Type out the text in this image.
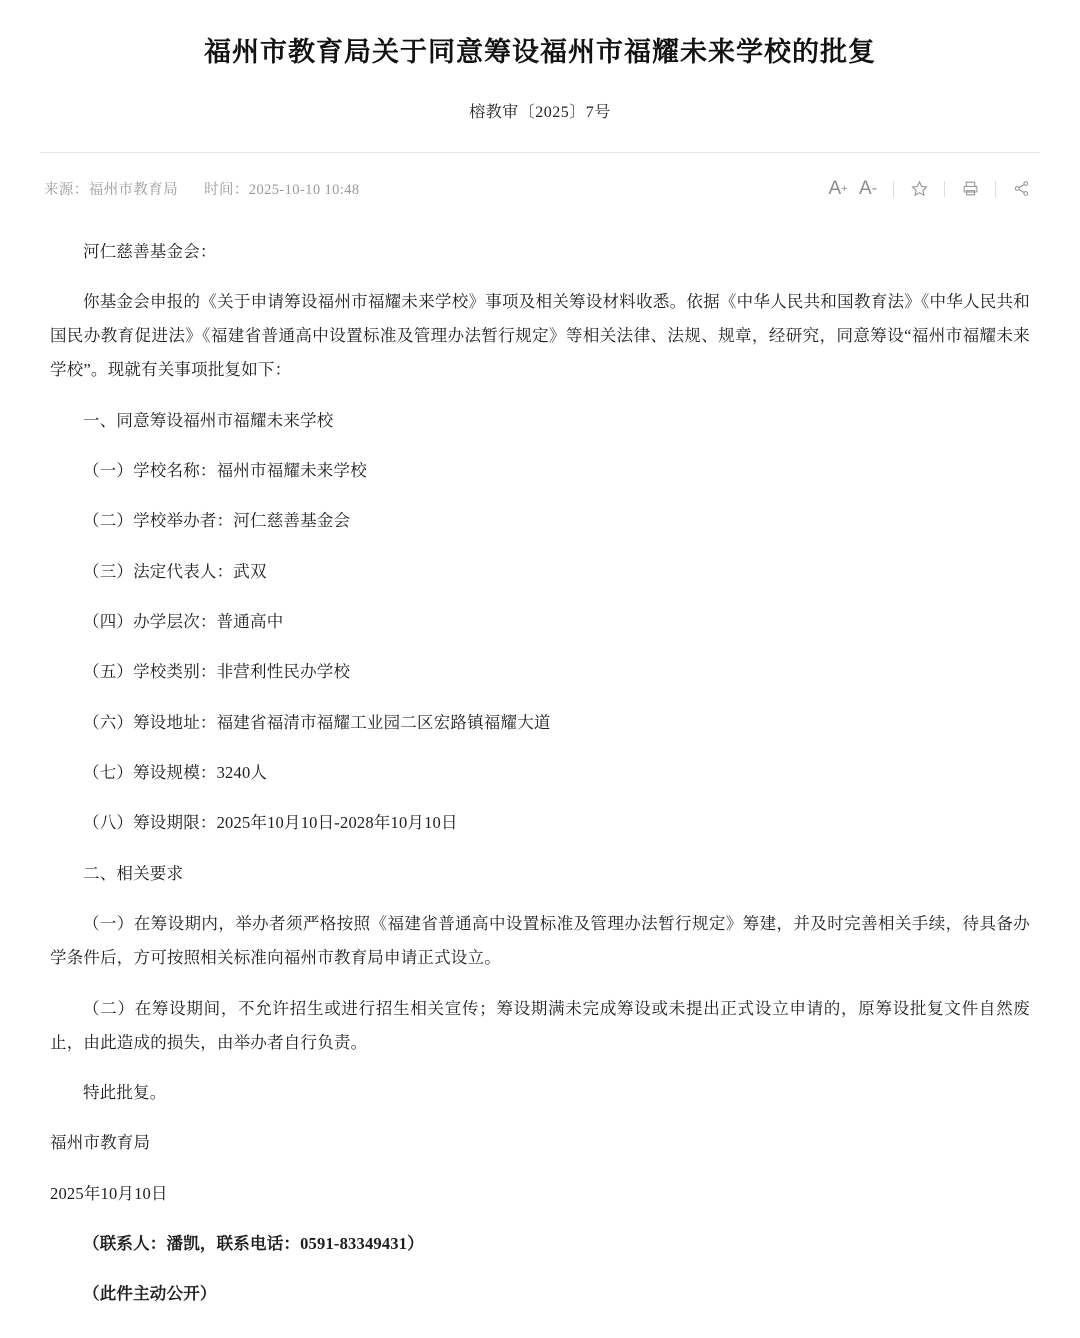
福州市教育局关于同意筹设福州市福耀未来学校的批复
榕教审〔2025〕7号
来源：福州市教育局 时间：2025-10-10 10:48	A + A -

河仁慈善基金会：

你基金会申报的《关于申请筹设福州市福耀未来学校》事项及相关筹设材料收悉。依据《中华人民共和国教育法》《中华人民共和国民办教育促进法》《福建省普通高中设置标准及管理办法暂行规定》等相关法律、法规、规章，经研究，同意筹设“福州市福耀未来学校”。现就有关事项批复如下：

一、同意筹设福州市福耀未来学校

（一）学校名称：福州市福耀未来学校

（二）学校举办者：河仁慈善基金会

（三）法定代表人：武双

（四）办学层次：普通高中

（五）学校类别：非营利性民办学校

（六）筹设地址：福建省福清市福耀工业园二区宏路镇福耀大道

（七）筹设规模：3240人

（八）筹设期限：2025年10月10日-2028年10月10日

二、相关要求

（一）在筹设期内，举办者须严格按照《福建省普通高中设置标准及管理办法暂行规定》筹建，并及时完善相关手续，待具备办学条件后，方可按照相关标准向福州市教育局申请正式设立。

（二）在筹设期间，不允许招生或进行招生相关宣传；筹设期满未完成筹设或未提出正式设立申请的，原筹设批复文件自然废止，由此造成的损失，由举办者自行负责。

特此批复。

福州市教育局

2025年10月10日

（联系人：潘凯，联系电话：0591-83349431）

（此件主动公开）
